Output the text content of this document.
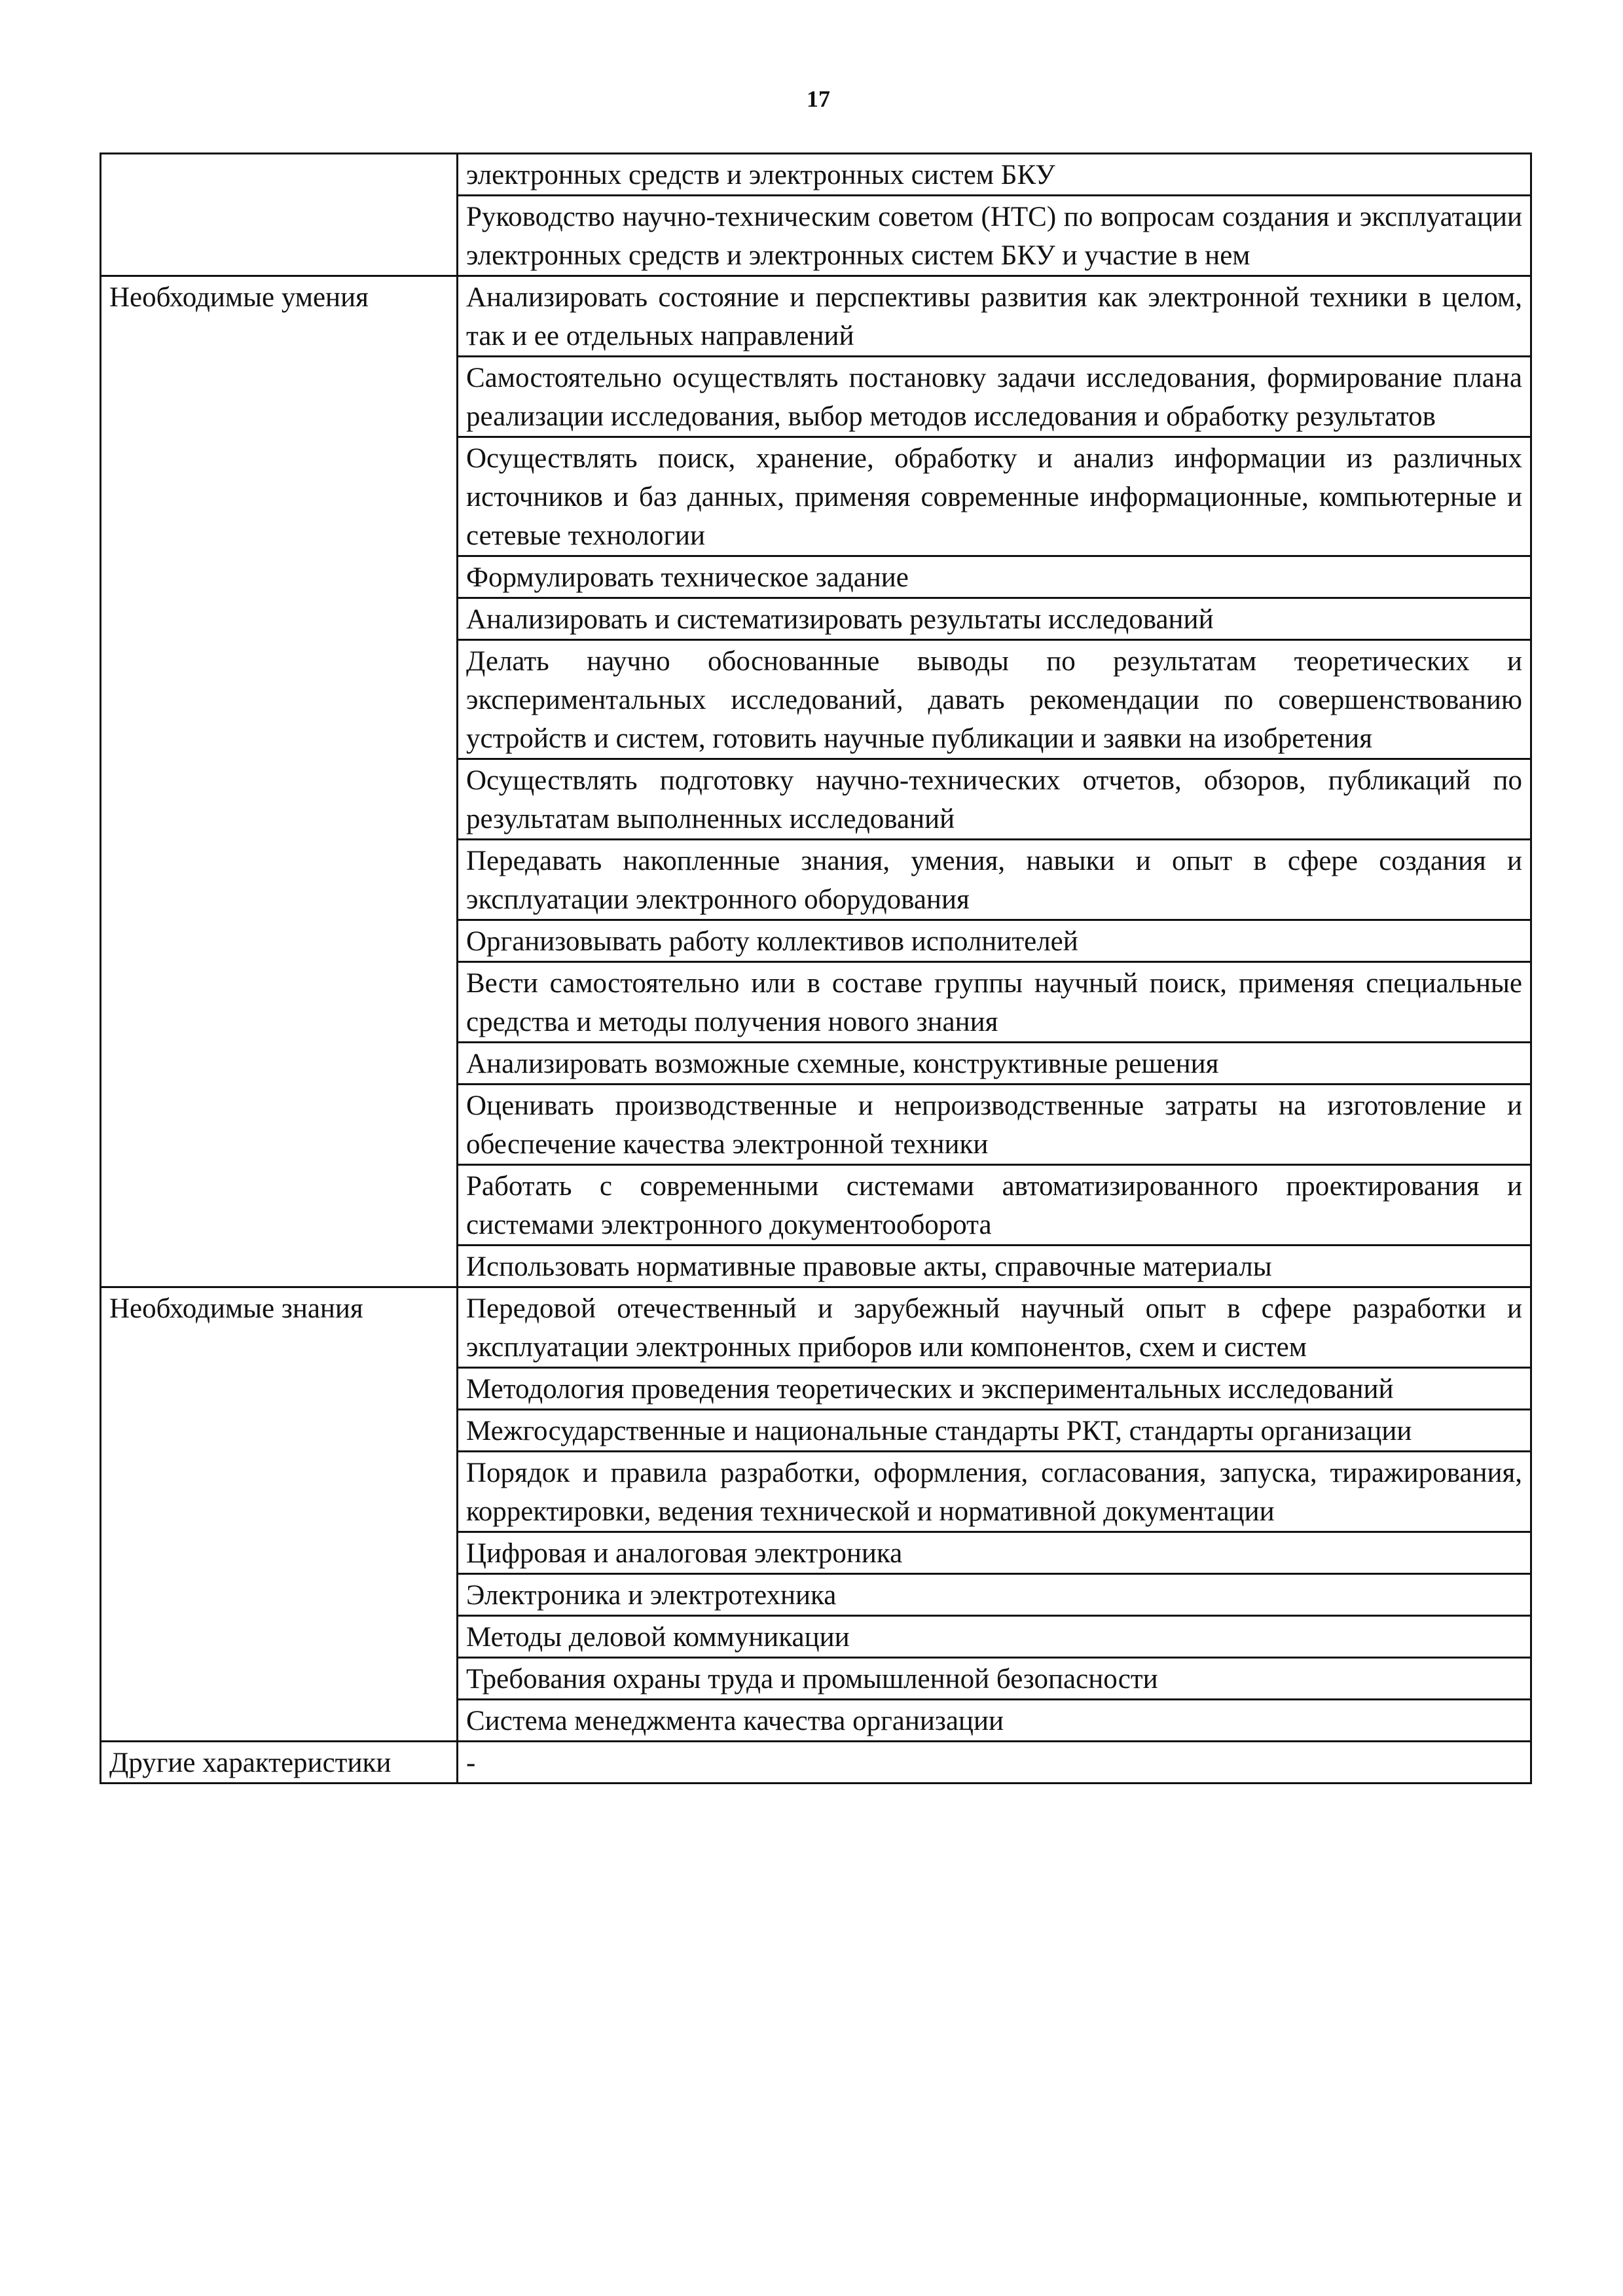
17
	электронных средств и электронных систем БКУ
	Руководство научно-техническим советом (НТС) по вопросам создания и эксплуатации электронных средств и электронных систем БКУ и участие в нем
Необходимые умения	Анализировать состояние и перспективы развития как электронной техники в целом, так и ее отдельных направлений
	Самостоятельно осуществлять постановку задачи исследования, формирование плана реализации исследования, выбор методов исследования и обработку результатов
	Осуществлять поиск, хранение, обработку и анализ информации из различных источников и баз данных, применяя современные информационные, компьютерные и сетевые технологии
	Формулировать техническое задание
	Анализировать и систематизировать результаты исследований
	Делать научно обоснованные выводы по результатам теоретических и экспериментальных исследований, давать рекомендации по совершенствованию устройств и систем, готовить научные публикации и заявки на изобретения
	Осуществлять подготовку научно-технических отчетов, обзоров, публикаций по результатам выполненных исследований
	Передавать накопленные знания, умения, навыки и опыт в сфере создания и эксплуатации электронного оборудования
	Организовывать работу коллективов исполнителей
	Вести самостоятельно или в составе группы научный поиск, применяя специальные средства и методы получения нового знания
	Анализировать возможные схемные, конструктивные решения
	Оценивать производственные и непроизводственные затраты на изготовление и обеспечение качества электронной техники
	Работать с современными системами автоматизированного проектирования и системами электронного документооборота
	Использовать нормативные правовые акты, справочные материалы
Необходимые знания	Передовой отечественный и зарубежный научный опыт в сфере разработки и эксплуатации электронных приборов или компонентов, схем и систем
	Методология проведения теоретических и экспериментальных исследований
	Межгосударственные и национальные стандарты РКТ, стандарты организации
	Порядок и правила разработки, оформления, согласования, запуска, тиражирования, корректировки, ведения технической и нормативной документации
	Цифровая и аналоговая электроника
	Электроника и электротехника
	Методы деловой коммуникации
	Требования охраны труда и промышленной безопасности
	Система менеджмента качества организации
Другие характеристики	-
